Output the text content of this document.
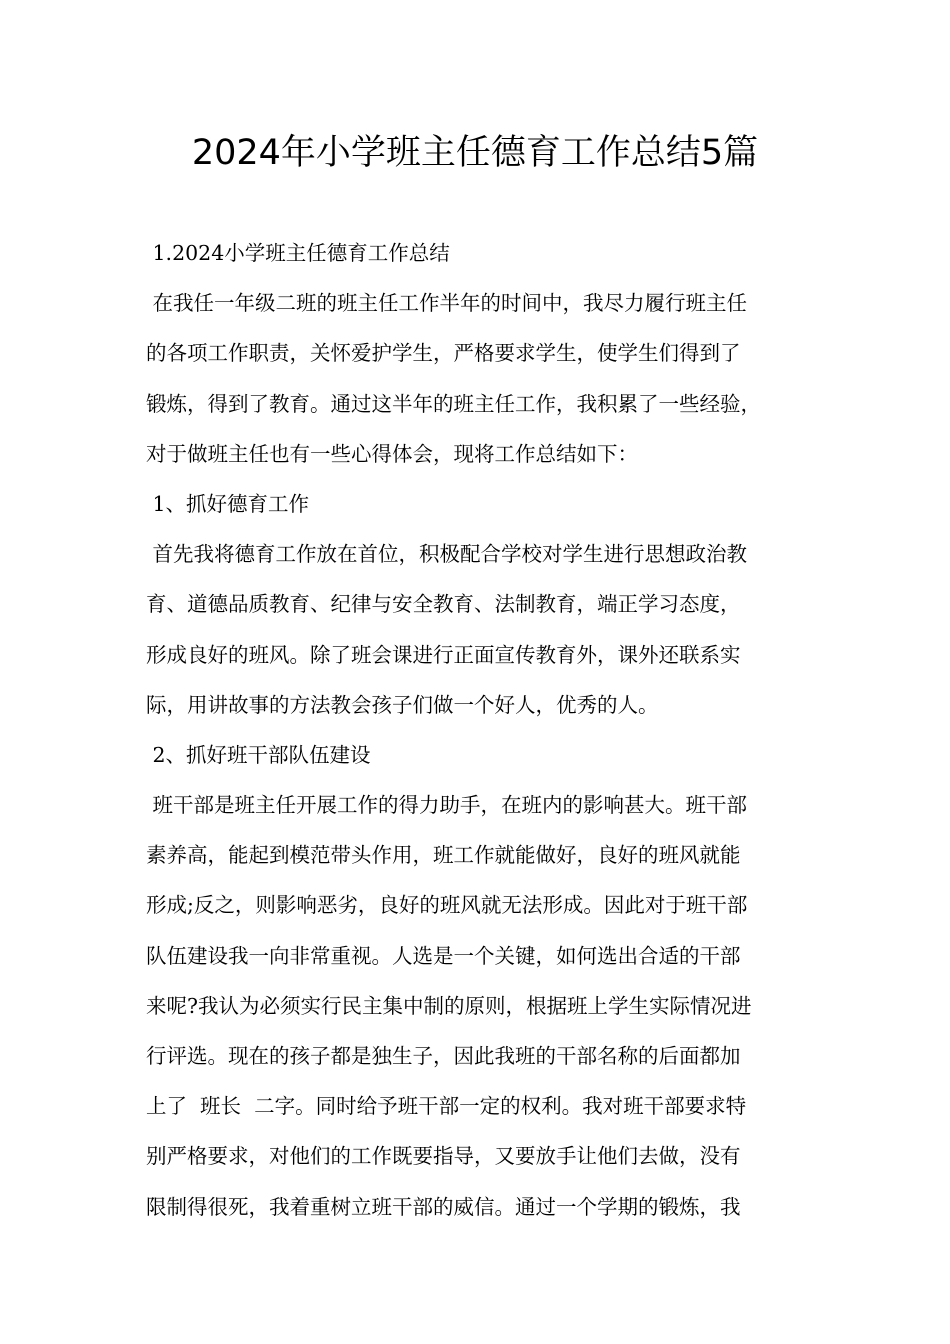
2024年小学班主任德育工作总结5篇
1.2024小学班主任德育工作总结
在我任一年级二班的班主任工作半年的时间中，我尽力履行班主任
的各项工作职责，关怀爱护学生，严格要求学生，使学生们得到了
锻炼，得到了教育。通过这半年的班主任工作，我积累了一些经验，
对于做班主任也有一些心得体会，现将工作总结如下：
1、抓好德育工作
首先我将德育工作放在首位，积极配合学校对学生进行思想政治教
育、道德品质教育、纪律与安全教育、法制教育，端正学习态度，
形成良好的班风。除了班会课进行正面宣传教育外，课外还联系实
际，用讲故事的方法教会孩子们做一个好人，优秀的人。
2、抓好班干部队伍建设
班干部是班主任开展工作的得力助手，在班内的影响甚大。班干部
素养高，能起到模范带头作用，班工作就能做好，良好的班风就能
形成;反之，则影响恶劣，良好的班风就无法形成。因此对于班干部
队伍建设我一向非常重视。人选是一个关键，如何选出合适的干部
来呢?我认为必须实行民主集中制的原则，根据班上学生实际情况进
行评选。现在的孩子都是独生子，因此我班的干部名称的后面都加
上了  班长  二字。同时给予班干部一定的权利。我对班干部要求特
别严格要求，对他们的工作既要指导，又要放手让他们去做，没有
限制得很死，我着重树立班干部的威信。通过一个学期的锻炼，我
